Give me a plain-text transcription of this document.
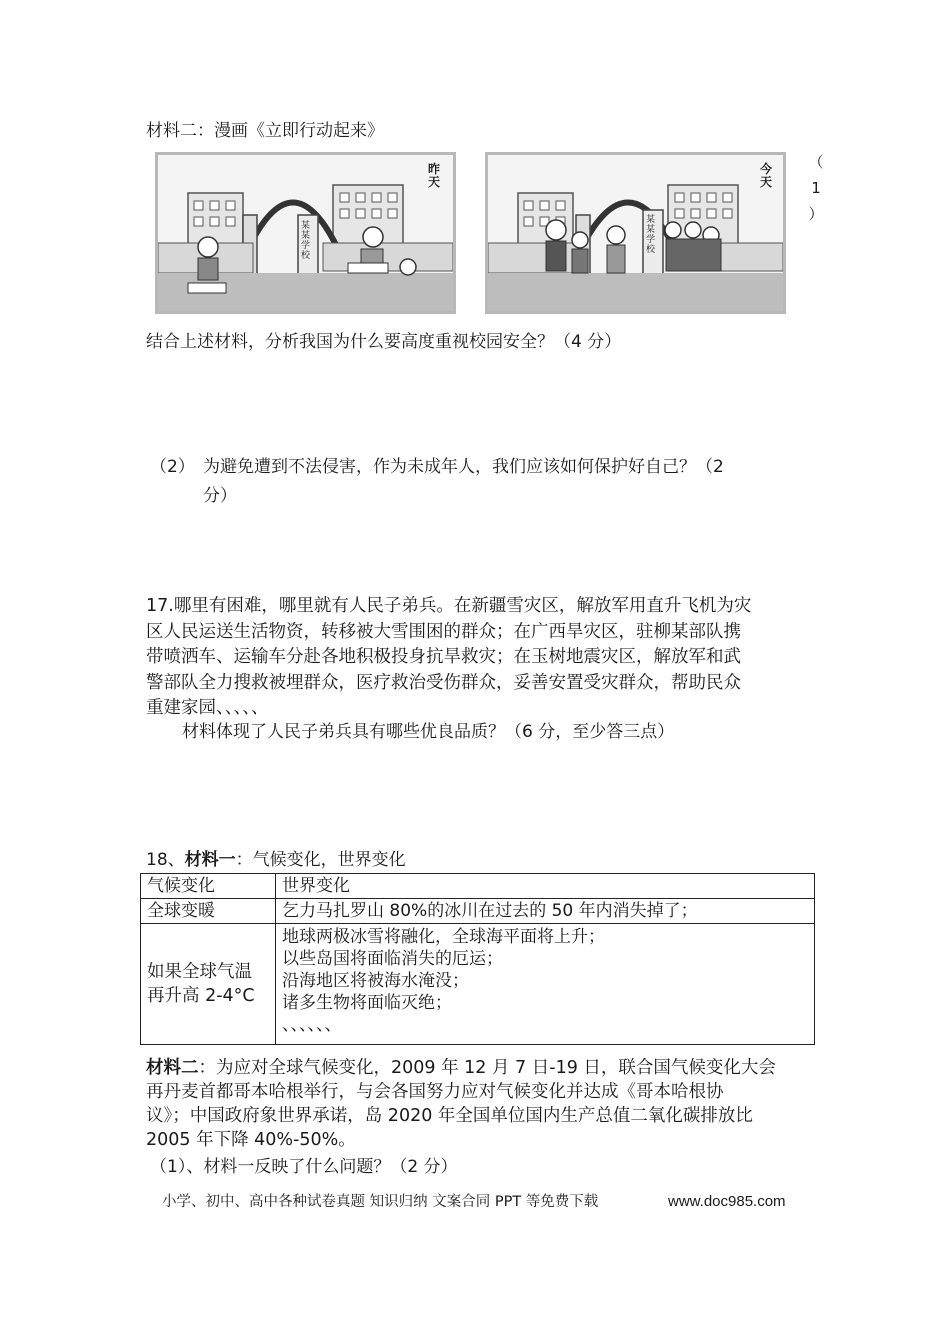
材料二：漫画《立即行动起来》
某某学校
昨天
某某学校
今天
（
1
）
结合上述材料，分析我国为什么要高度重视校园安全？（4 分）
（2） 为避免遭到不法侵害，作为未成年人，我们应该如何保护好自己？（2
分）
17.哪里有困难，哪里就有人民子弟兵。在新疆雪灾区，解放军用直升飞机为灾
区人民运送生活物资，转移被大雪围困的群众；在广西旱灾区，驻柳某部队携
带喷洒车、运输车分赴各地积极投身抗旱救灾；在玉树地震灾区，解放军和武
警部队全力搜救被埋群众，医疗救治受伤群众，妥善安置受灾群众，帮助民众
重建家园、、、、、
材料体现了人民子弟兵具有哪些优良品质？（6 分，至少答三点）
18、材料一：气候变化，世界变化
气候变化	世界变化
全球变暖	乞力马扎罗山 80%的冰川在过去的 50 年内消失掉了；

如果全球气温
再升高 2-4°C	地球两极冰雪将融化，全球海平面将上升；
以些岛国将面临消失的厄运；
沿海地区将被海水淹没；
诸多生物将面临灭绝；
、、、、、、
材料二：为应对全球气候变化，2009 年 12 月 7 日-19 日，联合国气候变化大会
再丹麦首都哥本哈根举行，与会各国努力应对气候变化并达成《哥本哈根协
议》；中国政府象世界承诺，岛 2020 年全国单位国内生产总值二氧化碳排放比
2005 年下降 40%-50%。
（1）、材料一反映了什么问题？（2 分）
小学、初中、高中各种试卷真题 知识归纳 文案合同 PPT 等免费下载	www.doc985.com
